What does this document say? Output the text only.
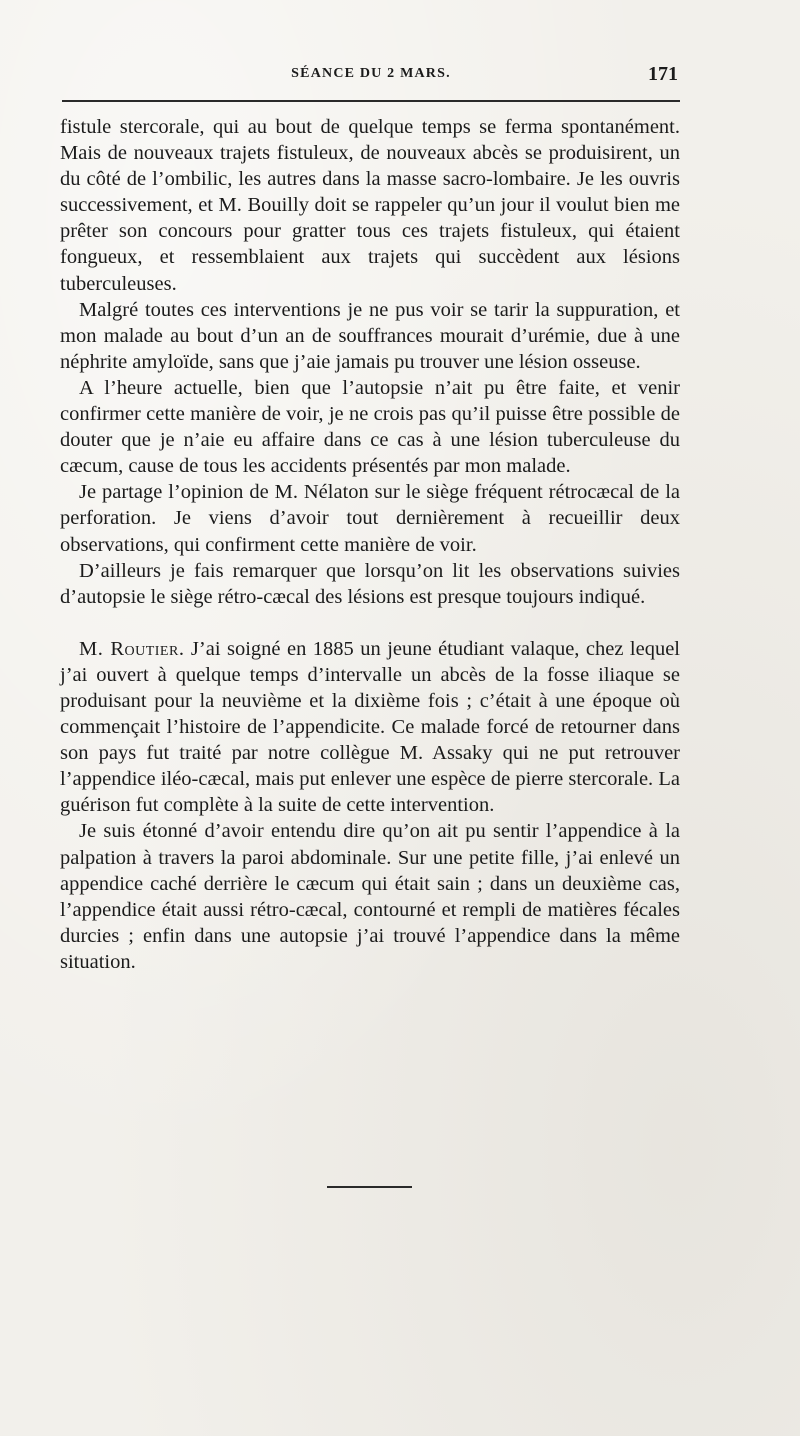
SÉANCE DU 2 MARS.	171

fistule stercorale, qui au bout de quelque temps se ferma spontanément. Mais de nouveaux trajets fistuleux, de nouveaux abcès se produisirent, un du côté de l’ombilic, les autres dans la masse sacro-lombaire. Je les ouvris successivement, et M. Bouilly doit se rappeler qu’un jour il voulut bien me prêter son concours pour gratter tous ces trajets fistuleux, qui étaient fongueux, et ressemblaient aux trajets qui succèdent aux lésions tuberculeuses.

Malgré toutes ces interventions je ne pus voir se tarir la suppuration, et mon malade au bout d’un an de souffrances mourait d’urémie, due à une néphrite amyloïde, sans que j’aie jamais pu trouver une lésion osseuse.

A l’heure actuelle, bien que l’autopsie n’ait pu être faite, et venir confirmer cette manière de voir, je ne crois pas qu’il puisse être possible de douter que je n’aie eu affaire dans ce cas à une lésion tuberculeuse du cæcum, cause de tous les accidents présentés par mon malade.

Je partage l’opinion de M. Nélaton sur le siège fréquent rétrocæcal de la perforation. Je viens d’avoir tout dernièrement à recueillir deux observations, qui confirment cette manière de voir.

D’ailleurs je fais remarquer que lorsqu’on lit les observations suivies d’autopsie le siège rétro-cæcal des lésions est presque toujours indiqué.

M. Routier. J’ai soigné en 1885 un jeune étudiant valaque, chez lequel j’ai ouvert à quelque temps d’intervalle un abcès de la fosse iliaque se produisant pour la neuvième et la dixième fois ; c’était à une époque où commençait l’histoire de l’appendicite. Ce malade forcé de retourner dans son pays fut traité par notre collègue M. Assaky qui ne put retrouver l’appendice iléo-cæcal, mais put enlever une espèce de pierre stercorale. La guérison fut complète à la suite de cette intervention.

Je suis étonné d’avoir entendu dire qu’on ait pu sentir l’appendice à la palpation à travers la paroi abdominale. Sur une petite fille, j’ai enlevé un appendice caché derrière le cæcum qui était sain ; dans un deuxième cas, l’appendice était aussi rétro-cæcal, contourné et rempli de matières fécales durcies ; enfin dans une autopsie j’ai trouvé l’appendice dans la même situation.
